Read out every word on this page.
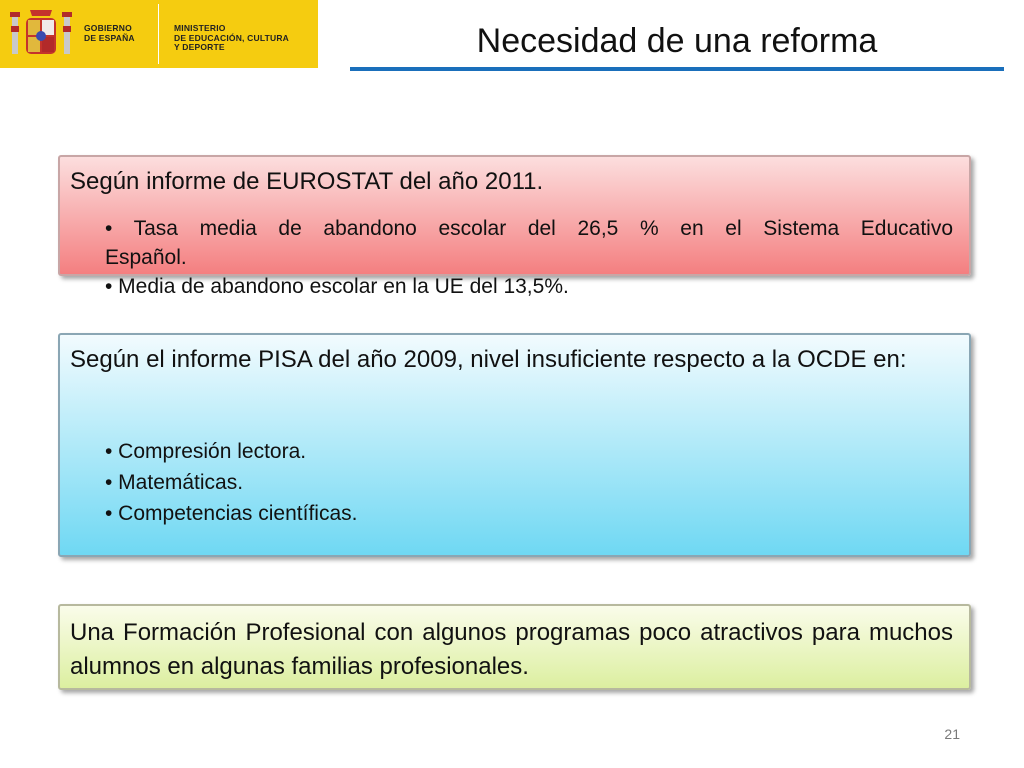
GOBIERNO
DE ESPAÑA
MINISTERIO
DE EDUCACIÓN, CULTURA
Y DEPORTE	Necesidad de una reforma
Según informe de EUROSTAT del año 2011.
• Tasa media de abandono escolar del 26,5 % en el Sistema Educativo
Español.
• Media de abandono escolar en la UE del 13,5%.
Según el informe PISA del año 2009, nivel insuficiente respecto a la OCDE en:
• Compresión lectora.
• Matemáticas.
• Competencias científicas.
Una Formación Profesional con algunos programas poco atractivos para muchos alumnos en algunas familias profesionales.
21
